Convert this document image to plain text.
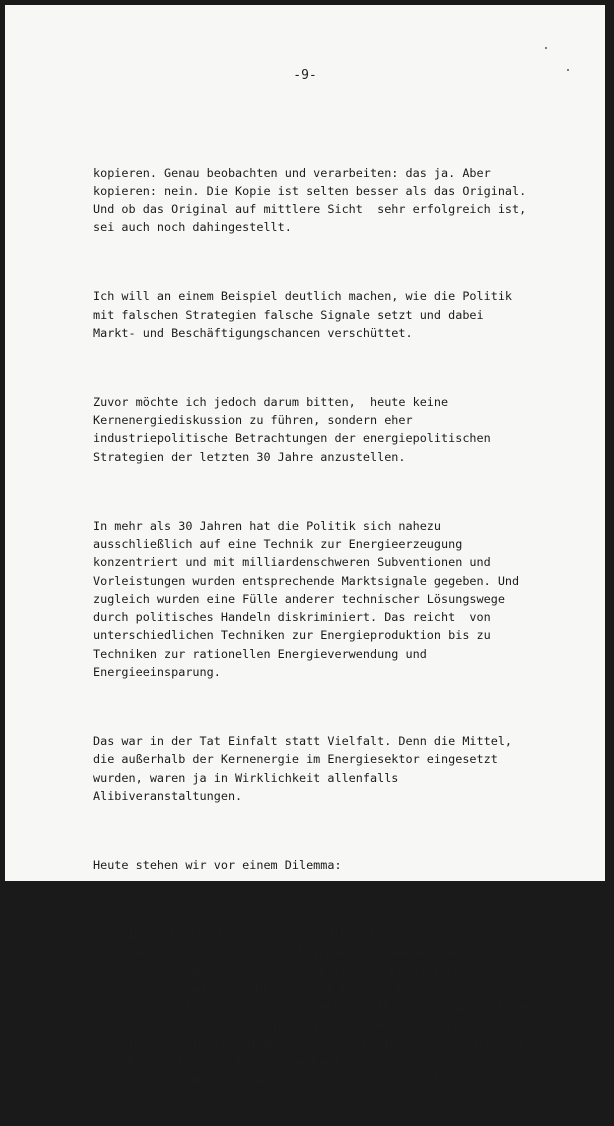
-9-

kopieren. Genau beobachten und verarbeiten: das ja. Aber
kopieren: nein. Die Kopie ist selten besser als das Original.
Und ob das Original auf mittlere Sicht  sehr erfolgreich ist,
sei auch noch dahingestellt.

Ich will an einem Beispiel deutlich machen, wie die Politik
mit falschen Strategien falsche Signale setzt und dabei
Markt- und Beschäftigungschancen verschüttet.

Zuvor möchte ich jedoch darum bitten,  heute keine
Kernenergiediskussion zu führen, sondern eher
industriepolitische Betrachtungen der energiepolitischen
Strategien der letzten 30 Jahre anzustellen.

In mehr als 30 Jahren hat die Politik sich nahezu
ausschließlich auf eine Technik zur Energieerzeugung
konzentriert und mit milliardenschweren Subventionen und
Vorleistungen wurden entsprechende Marktsignale gegeben. Und
zugleich wurden eine Fülle anderer technischer Lösungswege
durch politisches Handeln diskriminiert. Das reicht  von
unterschiedlichen Techniken zur Energieproduktion bis zu
Techniken zur rationellen Energieverwendung und
Energieeinsparung.

Das war in der Tat Einfalt statt Vielfalt. Denn die Mittel,
die außerhalb der Kernenergie im Energiesektor eingesetzt
wurden, waren ja in Wirklichkeit allenfalls
Alibiveranstaltungen.

Heute stehen wir vor einem Dilemma:

1.	In Teilbereichen macht sich diese Industrienation
lächerlich. Während zum Beispiel in Dänemark und in den
USA etliche tausend Menschen mit der Produktion von
Windkraftanlagen ihr Geschäft machen, baut die
wirtschaftlich starke  Bundesrepublik Deutschland mit den
Mitteln des Bundesministeriums für Forschung und
Technologie eine Modellanlage. Mit einer Veränderung der
Baugesetze und der Stromankaufspreise der Energ-
ieversorgungsunternehmen wäre industriepolitisch für
